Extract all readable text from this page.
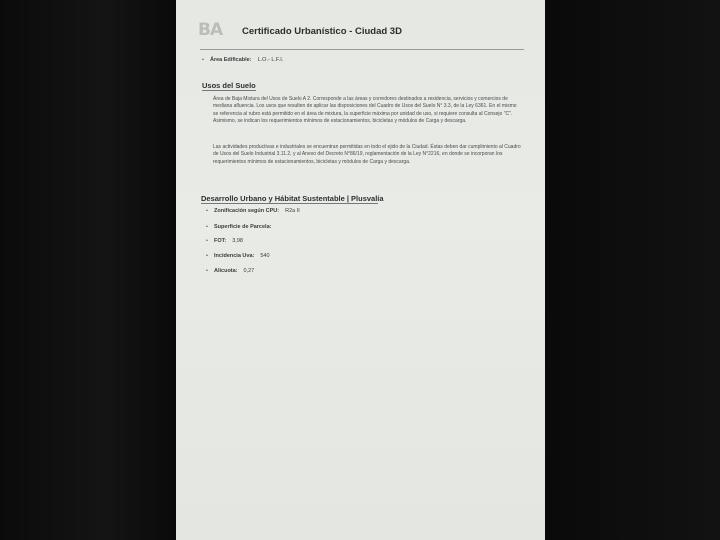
BA	Certificado Urbanístico - Ciudad 3D
• Área Edificable: L.O.- L.F.I.
Usos del Suelo
Área de Baja Mixtura del Usos de Suelo A 2. Corresponde a las áreas y corredores destinados a residencia, servicios y comercios de mediana afluencia. Los usos que resulten de aplicar las disposiciones del Cuadro de Usos del Suelo N° 3.3, de la Ley 6361. En el mismo se referencia al rubro está permitido en el área de mixtura, la superficie máxima por unidad de uso, si requiere consulta al Consejo "C". Asimismo, se indican los requerimientos mínimos de estacionamientos, bicicletas y módulos de Carga y descarga.
Las actividades productivas e industriales se encuentran permitidas en todo el ejido de la Ciudad. Éstas deben dar cumplimiento al Cuadro de Usos del Suelo Industrial 3.11.2, y al Anexo del Decreto N°86/19, reglamentación de la Ley N°2216, en donde se incorporan los requerimientos mínimos de estacionamientos, bicicletas y módulos de Carga y descarga.
Desarrollo Urbano y Hábitat Sustentable | Plusvalía
• Zonificación según CPU: R2a II
• Superficie de Parcela:
• FOT: 3,98
• Incidencia Uva: 540
• Alicuota: 0,27
